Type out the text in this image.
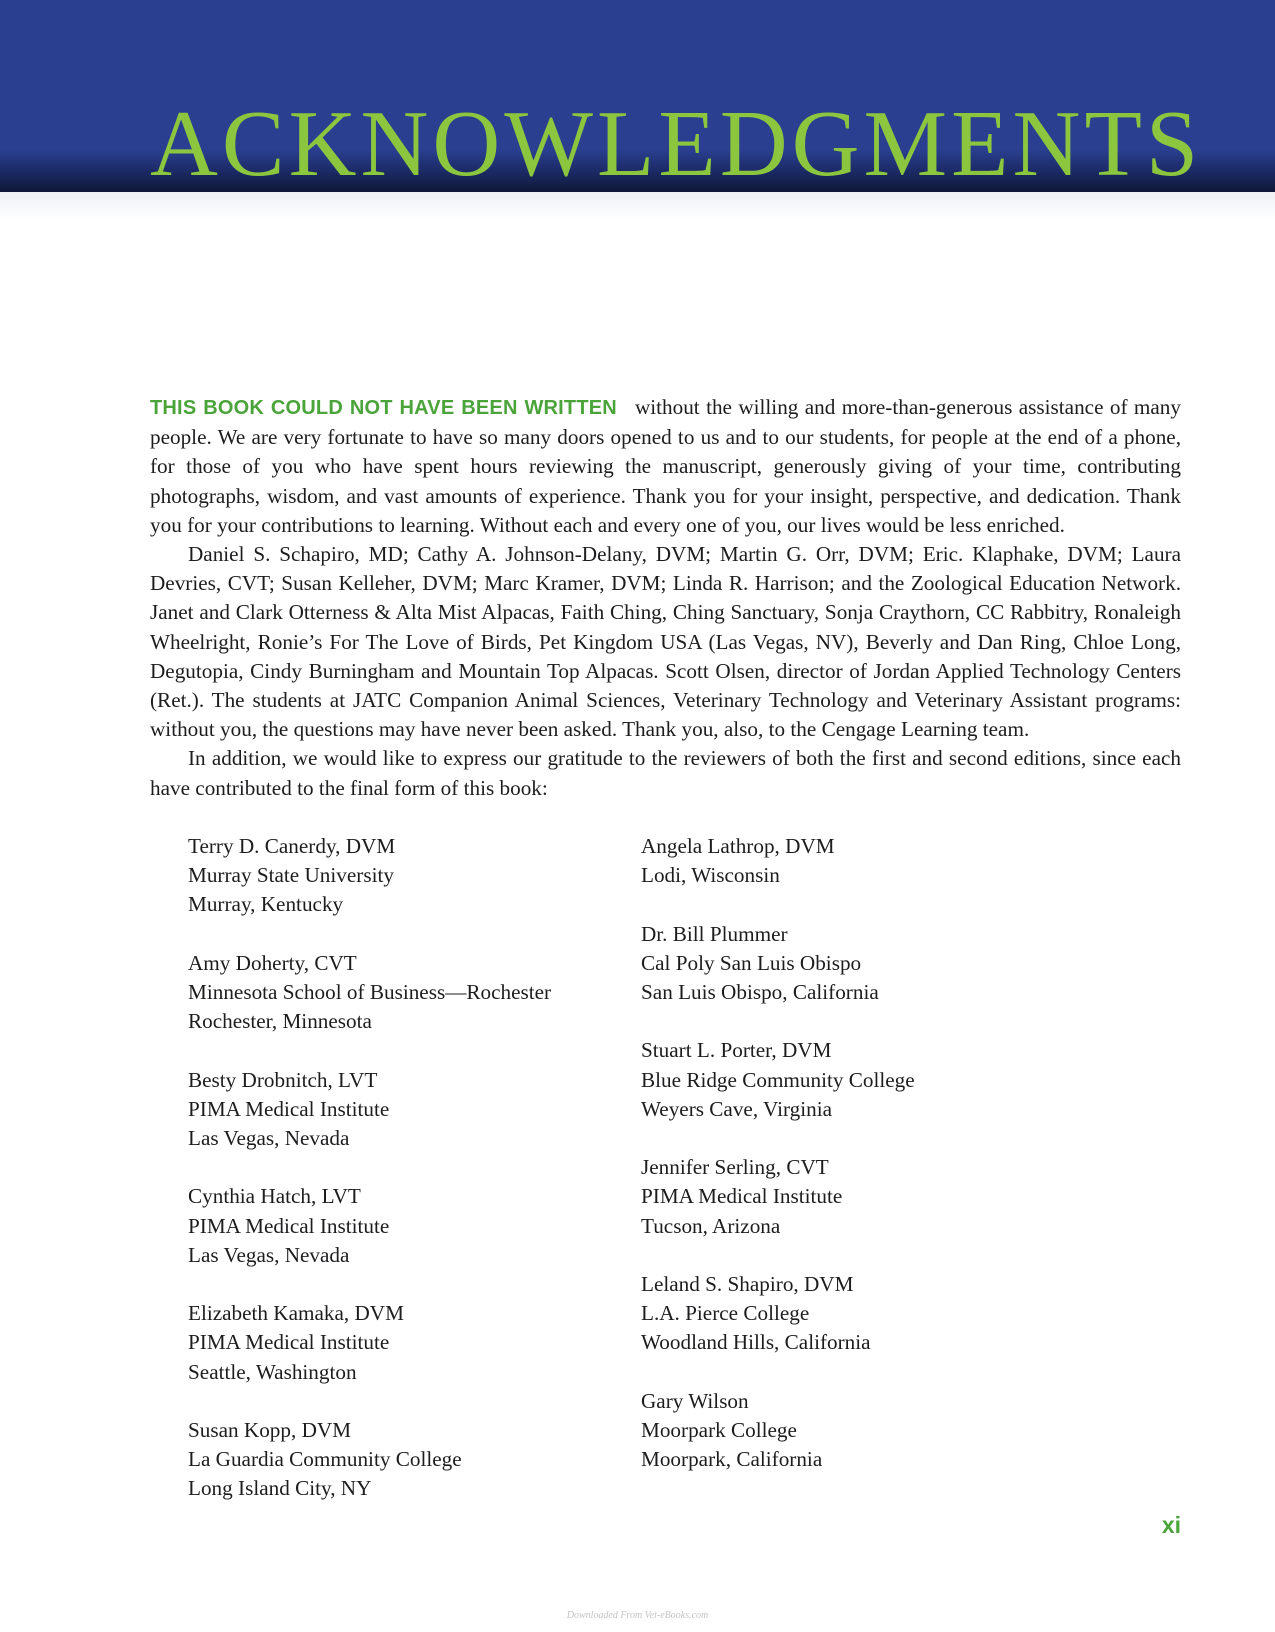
ACKNOWLEDGMENTS

THIS BOOK COULD NOT HAVE BEEN WRITTEN without the willing and more-than-generous assistance of many people. We are very fortunate to have so many doors opened to us and to our students, for people at the end of a phone, for those of you who have spent hours reviewing the manuscript, generously giving of your time, contributing photographs, wisdom, and vast amounts of experience. Thank you for your insight, perspective, and dedication. Thank you for your contributions to learning. Without each and every one of you, our lives would be less enriched.

Daniel S. Schapiro, MD; Cathy A. Johnson-Delany, DVM; Martin G. Orr, DVM; Eric. Klaphake, DVM; Laura Devries, CVT; Susan Kelleher, DVM; Marc Kramer, DVM; Linda R. Harrison; and the Zoological Education Network. Janet and Clark Otterness & Alta Mist Alpacas, Faith Ching, Ching Sanctuary, Sonja Craythorn, CC Rabbitry, Ronaleigh Wheelright, Ronie’s For The Love of Birds, Pet Kingdom USA (Las Vegas, NV), Beverly and Dan Ring, Chloe Long, Degutopia, Cindy Burningham and Mountain Top Alpacas. Scott Olsen, director of Jordan Applied Technology Centers (Ret.). The students at JATC Companion Animal Sciences, Veterinary Technology and Veterinary Assistant programs: without you, the questions may have never been asked. Thank you, also, to the Cengage Learning team.

In addition, we would like to express our gratitude to the reviewers of both the first and second editions, since each have contributed to the final form of this book:

Terry D. Canerdy, DVM
Murray State University
Murray, Kentucky
Amy Doherty, CVT
Minnesota School of Business—Rochester
Rochester, Minnesota
Besty Drobnitch, LVT
PIMA Medical Institute
Las Vegas, Nevada
Cynthia Hatch, LVT
PIMA Medical Institute
Las Vegas, Nevada
Elizabeth Kamaka, DVM
PIMA Medical Institute
Seattle, Washington
Susan Kopp, DVM
La Guardia Community College
Long Island City, NY
Angela Lathrop, DVM
Lodi, Wisconsin
Dr. Bill Plummer
Cal Poly San Luis Obispo
San Luis Obispo, California
Stuart L. Porter, DVM
Blue Ridge Community College
Weyers Cave, Virginia
Jennifer Serling, CVT
PIMA Medical Institute
Tucson, Arizona
Leland S. Shapiro, DVM
L.A. Pierce College
Woodland Hills, California
Gary Wilson
Moorpark College
Moorpark, California
xi
Downloaded From Vet-eBooks.com
